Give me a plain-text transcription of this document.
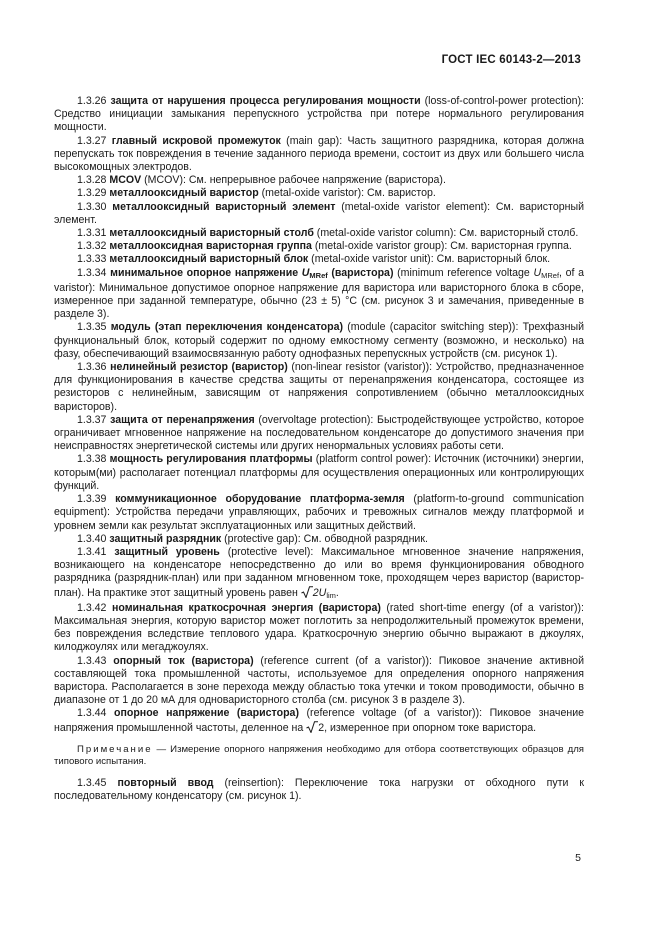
ГОСТ IEC 60143-2—2013

1.3.26 защита от нарушения процесса регулирования мощности (loss-of-control-power protection): Средство инициации замыкания перепускного устройства при потере нормального регулирования мощности.

1.3.27 главный искровой промежуток (main gap): Часть защитного разрядника, которая должна перепускать ток повреждения в течение заданного периода времени, состоит из двух или большего числа высокомощных электродов.

1.3.28 MCOV (MCOV): См. непрерывное рабочее напряжение (варистора).

1.3.29 металлооксидный варистор (metal-oxide varistor): См. варистор.

1.3.30 металлооксидный варисторный элемент (metal-oxide varistor element): См. варисторный элемент.

1.3.31 металлооксидный варисторный столб (metal-oxide varistor column): См. варисторный столб.

1.3.32 металлооксидная варисторная группа (metal-oxide varistor group): См. варисторная группа.

1.3.33 металлооксидный варисторный блок (metal-oxide varistor unit): См. варисторный блок.

1.3.34 минимальное опорное напряжение $U_{MRef}$ (варистора) (minimum reference voltage $U_{MRef}$, of a varistor): Минимальное допустимое опорное напряжение для варистора или варисторного блока в сборе, измеренное при заданной температуре, обычно (23 ± 5) °С (см. рисунок 3 и замечания, приведенные в разделе 3).

1.3.35 модуль (этап переключения конденсатора) (module (capacitor switching step)): Трехфазный функциональный блок, который содержит по одному емкостному сегменту (возможно, и несколько) на фазу, обеспечивающий взаимосвязанную работу однофазных перепускных устройств (см. рисунок 1).

1.3.36 нелинейный резистор (варистор) (non-linear resistor (varistor)): Устройство, предназначенное для функционирования в качестве средства защиты от перенапряжения конденсатора, состоящее из резисторов с нелинейным, зависящим от напряжения сопротивлением (обычно металлооксидных варисторов).

1.3.37 защита от перенапряжения (overvoltage protection): Быстродействующее устройство, которое ограничивает мгновенное напряжение на последовательном конденсаторе до допустимого значения при неисправностях энергетической системы или других ненормальных условиях работы сети.

1.3.38 мощность регулирования платформы (platform control power): Источник (источники) энергии, которым(ми) располагает потенциал платформы для осуществления операционных или контролирующих функций.

1.3.39 коммуникационное оборудование платформа-земля (platform-to-ground communication equipment): Устройства передачи управляющих, рабочих и тревожных сигналов между платформой и уровнем земли как результат эксплуатационных или защитных действий.

1.3.40 защитный разрядник (protective gap): См. обводной разрядник.

1.3.41 защитный уровень (protective level): Максимальное мгновенное значение напряжения, возникающего на конденсаторе непосредственно до или во время функционирования обводного разрядника (разрядник-план) или при заданном мгновенном токе, проходящем через варистор (варистор-план). На практике этот защитный уровень равен $2U_{lim}$.

1.3.42 номинальная краткосрочная энергия (варистора) (rated short-time energy (of a varistor)): Максимальная энергия, которую варистор может поглотить за непродолжительный промежуток времени, без повреждения вследствие теплового удара. Краткосрочную энергию обычно выражают в джоулях, килоджоулях или мегаджоулях.

1.3.43 опорный ток (варистора) (reference current (of a varistor)): Пиковое значение активной составляющей тока промышленной частоты, используемое для определения опорного напряжения варистора. Располагается в зоне перехода между областью тока утечки и током проводимости, обычно в диапазоне от 1 до 20 мА для одноваристорного столба (см. рисунок 3 в разделе 3).

1.3.44 опорное напряжение (варистора) (reference voltage (of a varistor)): Пиковое значение напряжения промышленной частоты, деленное на 2, измеренное при опорном токе варистора.

Примечание — Измерение опорного напряжения необходимо для отбора соответствующих образцов для типового испытания.

1.3.45 повторный ввод (reinsertion): Переключение тока нагрузки от обходного пути к последовательному конденсатору (см. рисунок 1).

5
